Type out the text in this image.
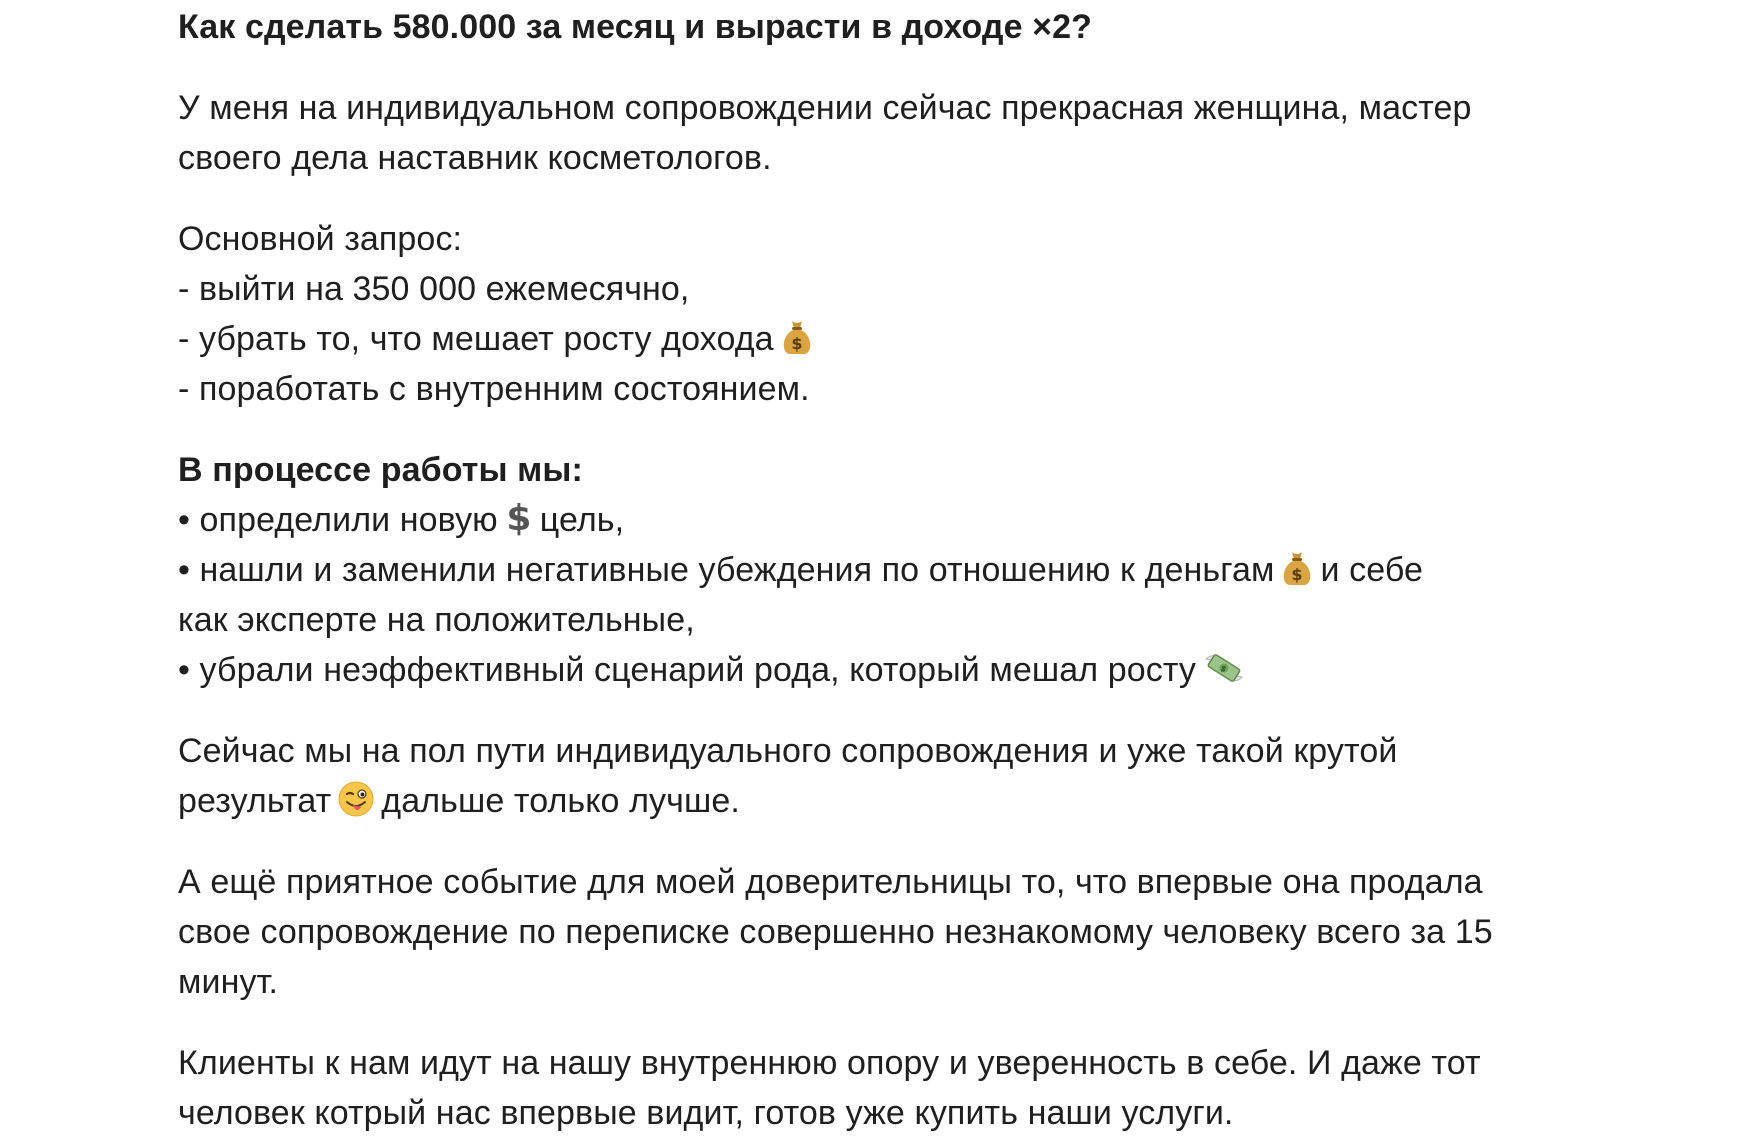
Как сделать 580.000 за месяц и вырасти в доходе ×2?

У меня на индивидуальном сопровождении сейчас прекрасная женщина, мастер
своего дела наставник косметологов.

Основной запрос:
- выйти на 350 000 ежемесячно,
- убрать то, что мешает росту дохода $
- поработать с внутренним состоянием.

В процессе работы мы:
• определили новую $ цель,
• нашли и заменили негативные убеждения по отношению к деньгам $ и себе
как эксперте на положительные,
• убрали неэффективный сценарий рода, который мешал росту	$

Сейчас мы на пол пути индивидуального сопровождения и уже такой крутой
результат дальше только лучше.

А ещё приятное событие для моей доверительницы то, что впервые она продала
свое сопровождение по переписке совершенно незнакомому человеку всего за 15
минут.

Клиенты к нам идут на нашу внутреннюю опору и уверенность в себе. И даже тот
человек котрый нас впервые видит, готов уже купить наши услуги.
